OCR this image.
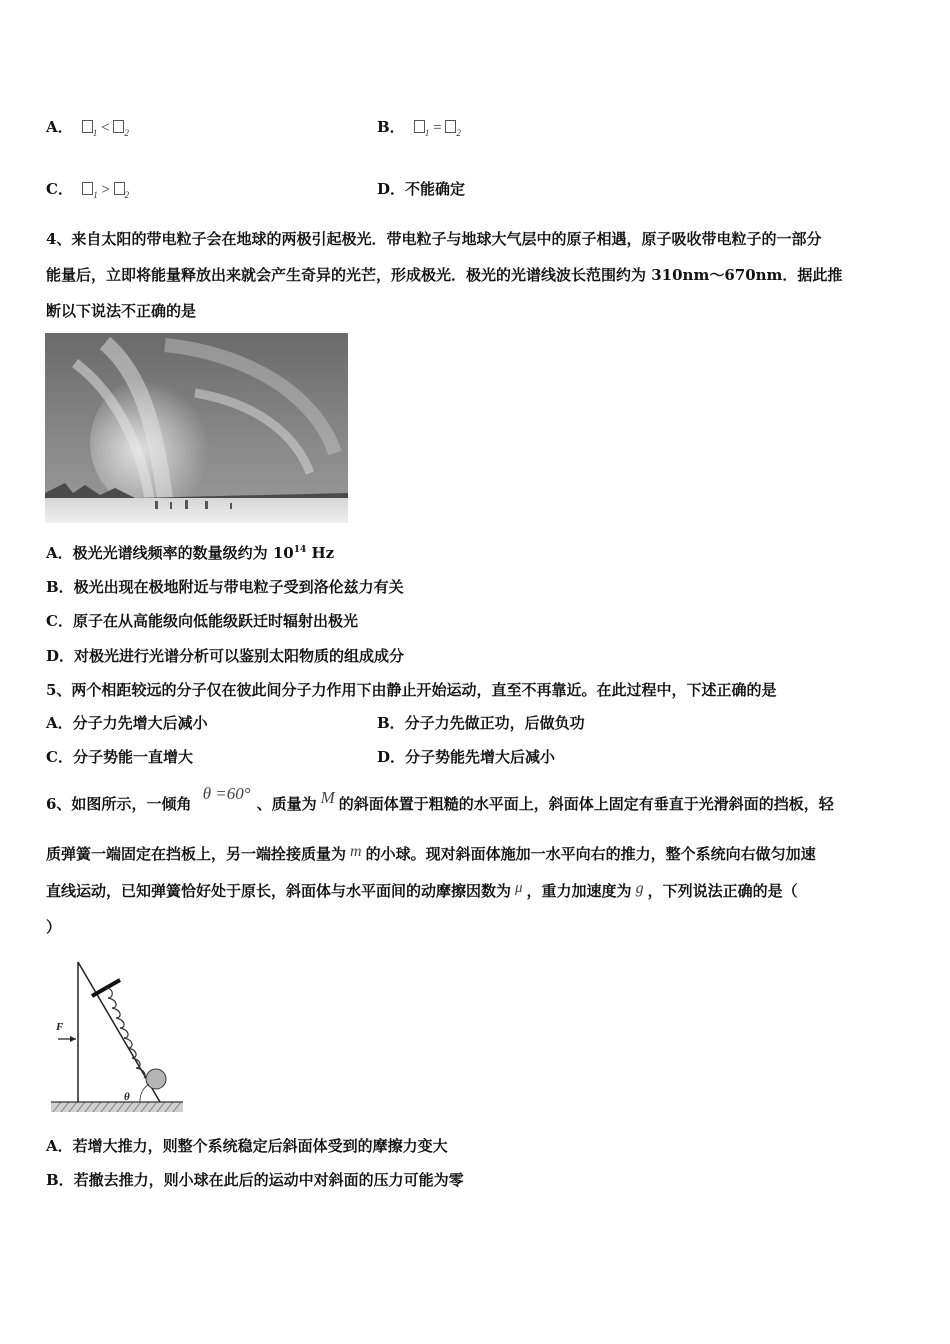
A． $_1$ < $_2$	B． $_1$ = $_2$
C． $_1$ > $_2$	D．不能确定
4、来自太阳的带电粒子会在地球的两极引起极光．带电粒子与地球大气层中的原子相遇，原子吸收带电粒子的一部分
能量后，立即将能量释放出来就会产生奇异的光芒，形成极光．极光的光谱线波长范围约为 310nm～670nm．据此推
断以下说法不正确的是
A．极光光谱线频率的数量级约为 $10^{14}$ Hz
B．极光出现在极地附近与带电粒子受到洛伦兹力有关
C．原子在从高能级向低能级跃迁时辐射出极光
D．对极光进行光谱分析可以鉴别太阳物质的组成成分
5、两个相距较远的分子仅在彼此间分子力作用下由静止开始运动，直至不再靠近。在此过程中，下述正确的是
A．分子力先增大后减小	B．分子力先做正功，后做负功
C．分子势能一直增大	D．分子势能先增大后减小
6、如图所示，一倾角 θ =60°、质量为 M 的斜面体置于粗糙的水平面上，斜面体上固定有垂直于光滑斜面的挡板，轻
质弹簧一端固定在挡板上，另一端拴接质量为 m 的小球。现对斜面体施加一水平向右的推力，整个系统向右做匀加速
直线运动，已知弹簧恰好处于原长，斜面体与水平面间的动摩擦因数为 μ ，重力加速度为 g ，下列说法正确的是（
）
F
θ
A．若增大推力，则整个系统稳定后斜面体受到的摩擦力变大
B．若撤去推力，则小球在此后的运动中对斜面的压力可能为零
